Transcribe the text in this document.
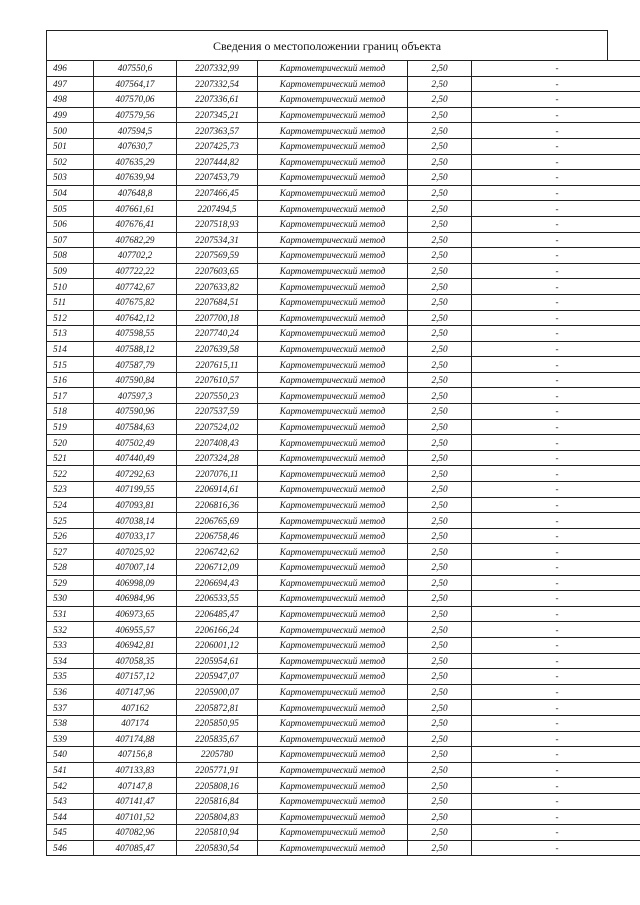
Сведения о местоположении границ объекта
496	407550,6	2207332,99	Картометрический метод	2,50	-
497	407564,17	2207332,54	Картометрический метод	2,50	-
498	407570,06	2207336,61	Картометрический метод	2,50	-
499	407579,56	2207345,21	Картометрический метод	2,50	-
500	407594,5	2207363,57	Картометрический метод	2,50	-
501	407630,7	2207425,73	Картометрический метод	2,50	-
502	407635,29	2207444,82	Картометрический метод	2,50	-
503	407639,94	2207453,79	Картометрический метод	2,50	-
504	407648,8	2207466,45	Картометрический метод	2,50	-
505	407661,61	2207494,5	Картометрический метод	2,50	-
506	407676,41	2207518,93	Картометрический метод	2,50	-
507	407682,29	2207534,31	Картометрический метод	2,50	-
508	407702,2	2207569,59	Картометрический метод	2,50	-
509	407722,22	2207603,65	Картометрический метод	2,50	-
510	407742,67	2207633,82	Картометрический метод	2,50	-
511	407675,82	2207684,51	Картометрический метод	2,50	-
512	407642,12	2207700,18	Картометрический метод	2,50	-
513	407598,55	2207740,24	Картометрический метод	2,50	-
514	407588,12	2207639,58	Картометрический метод	2,50	-
515	407587,79	2207615,11	Картометрический метод	2,50	-
516	407590,84	2207610,57	Картометрический метод	2,50	-
517	407597,3	2207550,23	Картометрический метод	2,50	-
518	407590,96	2207537,59	Картометрический метод	2,50	-
519	407584,63	2207524,02	Картометрический метод	2,50	-
520	407502,49	2207408,43	Картометрический метод	2,50	-
521	407440,49	2207324,28	Картометрический метод	2,50	-
522	407292,63	2207076,11	Картометрический метод	2,50	-
523	407199,55	2206914,61	Картометрический метод	2,50	-
524	407093,81	2206816,36	Картометрический метод	2,50	-
525	407038,14	2206765,69	Картометрический метод	2,50	-
526	407033,17	2206758,46	Картометрический метод	2,50	-
527	407025,92	2206742,62	Картометрический метод	2,50	-
528	407007,14	2206712,09	Картометрический метод	2,50	-
529	406998,09	2206694,43	Картометрический метод	2,50	-
530	406984,96	2206533,55	Картометрический метод	2,50	-
531	406973,65	2206485,47	Картометрический метод	2,50	-
532	406955,57	2206166,24	Картометрический метод	2,50	-
533	406942,81	2206001,12	Картометрический метод	2,50	-
534	407058,35	2205954,61	Картометрический метод	2,50	-
535	407157,12	2205947,07	Картометрический метод	2,50	-
536	407147,96	2205900,07	Картометрический метод	2,50	-
537	407162	2205872,81	Картометрический метод	2,50	-
538	407174	2205850,95	Картометрический метод	2,50	-
539	407174,88	2205835,67	Картометрический метод	2,50	-
540	407156,8	2205780	Картометрический метод	2,50	-
541	407133,83	2205771,91	Картометрический метод	2,50	-
542	407147,8	2205808,16	Картометрический метод	2,50	-
543	407141,47	2205816,84	Картометрический метод	2,50	-
544	407101,52	2205804,83	Картометрический метод	2,50	-
545	407082,96	2205810,94	Картометрический метод	2,50	-
546	407085,47	2205830,54	Картометрический метод	2,50	-
